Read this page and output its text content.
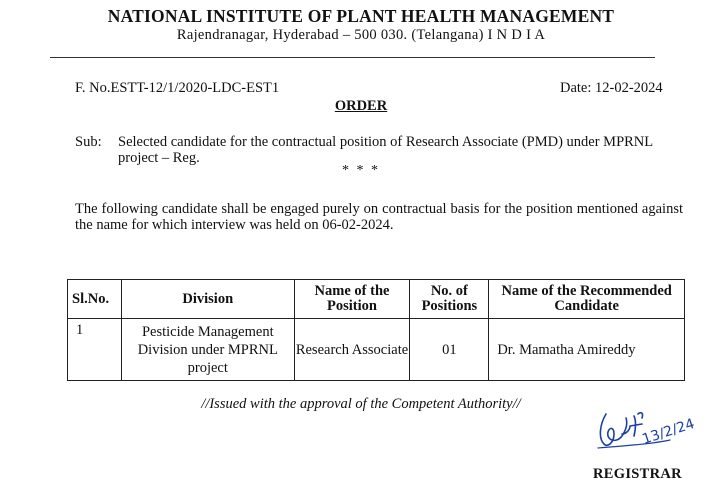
NATIONAL INSTITUTE OF PLANT HEALTH MANAGEMENT
Rajendranagar, Hyderabad – 500 030. (Telangana) I N D I A
F. No.ESTT-12/1/2020-LDC-EST1	Date: 12-02-2024
ORDER
Sub: Selected candidate for the contractual position of Research Associate (PMD) under MPRNL project – Reg.
* * *
The following candidate shall be engaged purely on contractual basis for the position mentioned against the name for which interview was held on 06-02-2024.
Sl.No.	Division	Name of the Position	No. of Positions	Name of the Recommended Candidate
1	Pesticide Management Division under MPRNL project	Research Associate	01	Dr. Mamatha Amireddy
//Issued with the approval of the Competent Authority//
13/2/24
REGISTRAR
